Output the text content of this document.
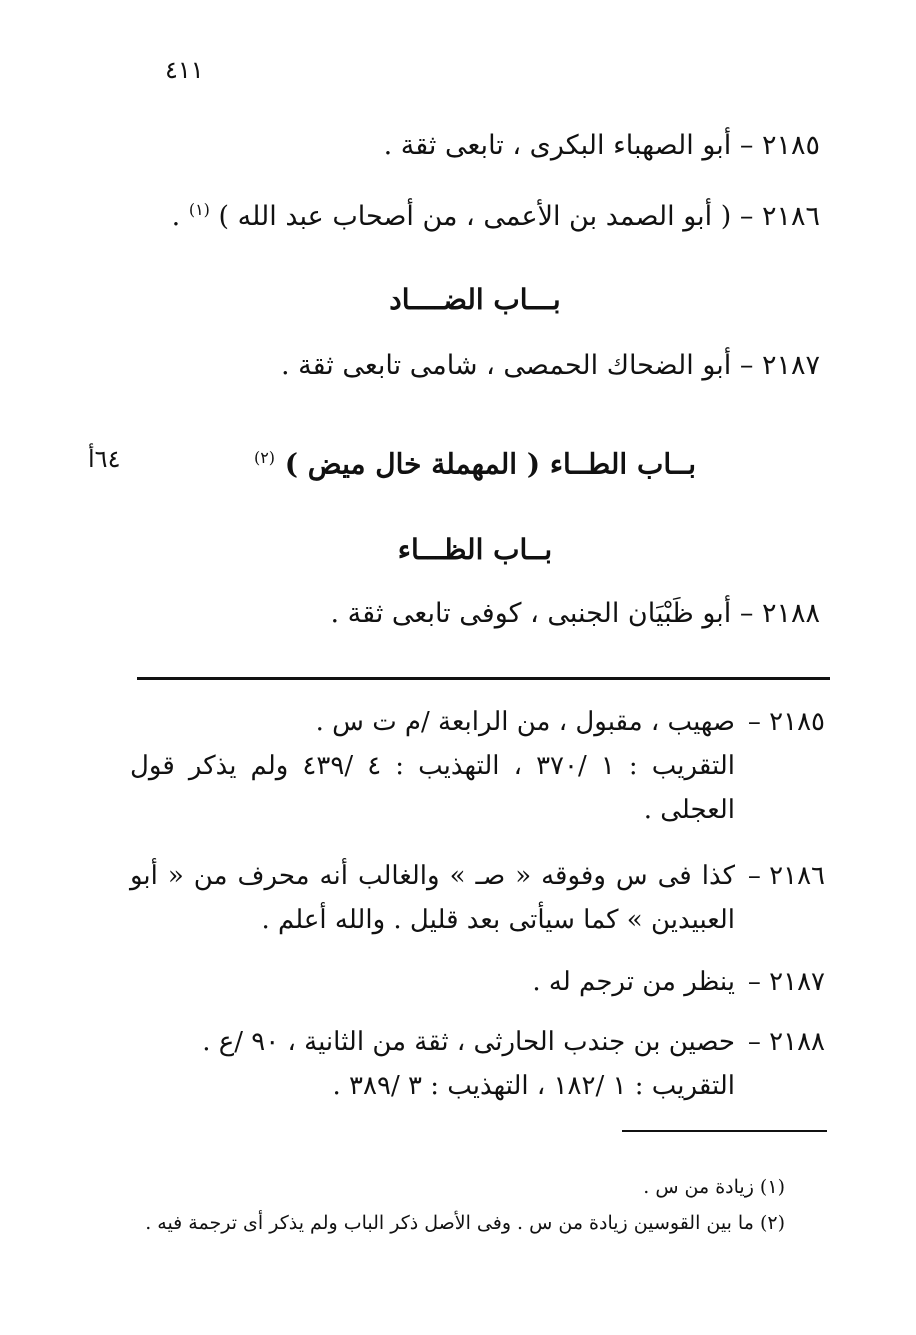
٤١١
٢١٨٥ – أبو الصهباء البكرى ، تابعى ثقة .
٢١٨٦ – ( أبو الصمد بن الأعمى ، من أصحاب عبد الله ) $^{(١)}$ .
بـــاب الضــــاد
٢١٨٧ – أبو الضحاك الحمصى ، شامى تابعى ثقة .
٦٤أ	بــاب الطــاء ( المهملة خال ميض ) $^{(٢)}$
بــاب الظـــاء
٢١٨٨ – أبو ظَبْيَان الجنبى ، كوفى تابعى ثقة .
٢١٨٥ –
صهيب ، مقبول ، من الرابعة /م ت س .
التقريب : ١ /٣٧٠ ، التهذيب : ٤ /٤٣٩ ولم يذكر قول العجلى .
٢١٨٦ –
كذا فى س وفوقه « صـ » والغالب أنه محرف من « أبو العبيدين » كما سيأتى بعد قليل . والله أعلم .
٢١٨٧ –
ينظر من ترجم له .
٢١٨٨ –
حصين بن جندب الحارثى ، ثقة من الثانية ، ٩٠ /ع .
التقريب : ١ /١٨٢ ، التهذيب : ٣ /٣٨٩ .
(١) زيادة من س .
(٢) ما بين القوسين زيادة من س . وفى الأصل ذكر الباب ولم يذكر أى ترجمة فيه .
